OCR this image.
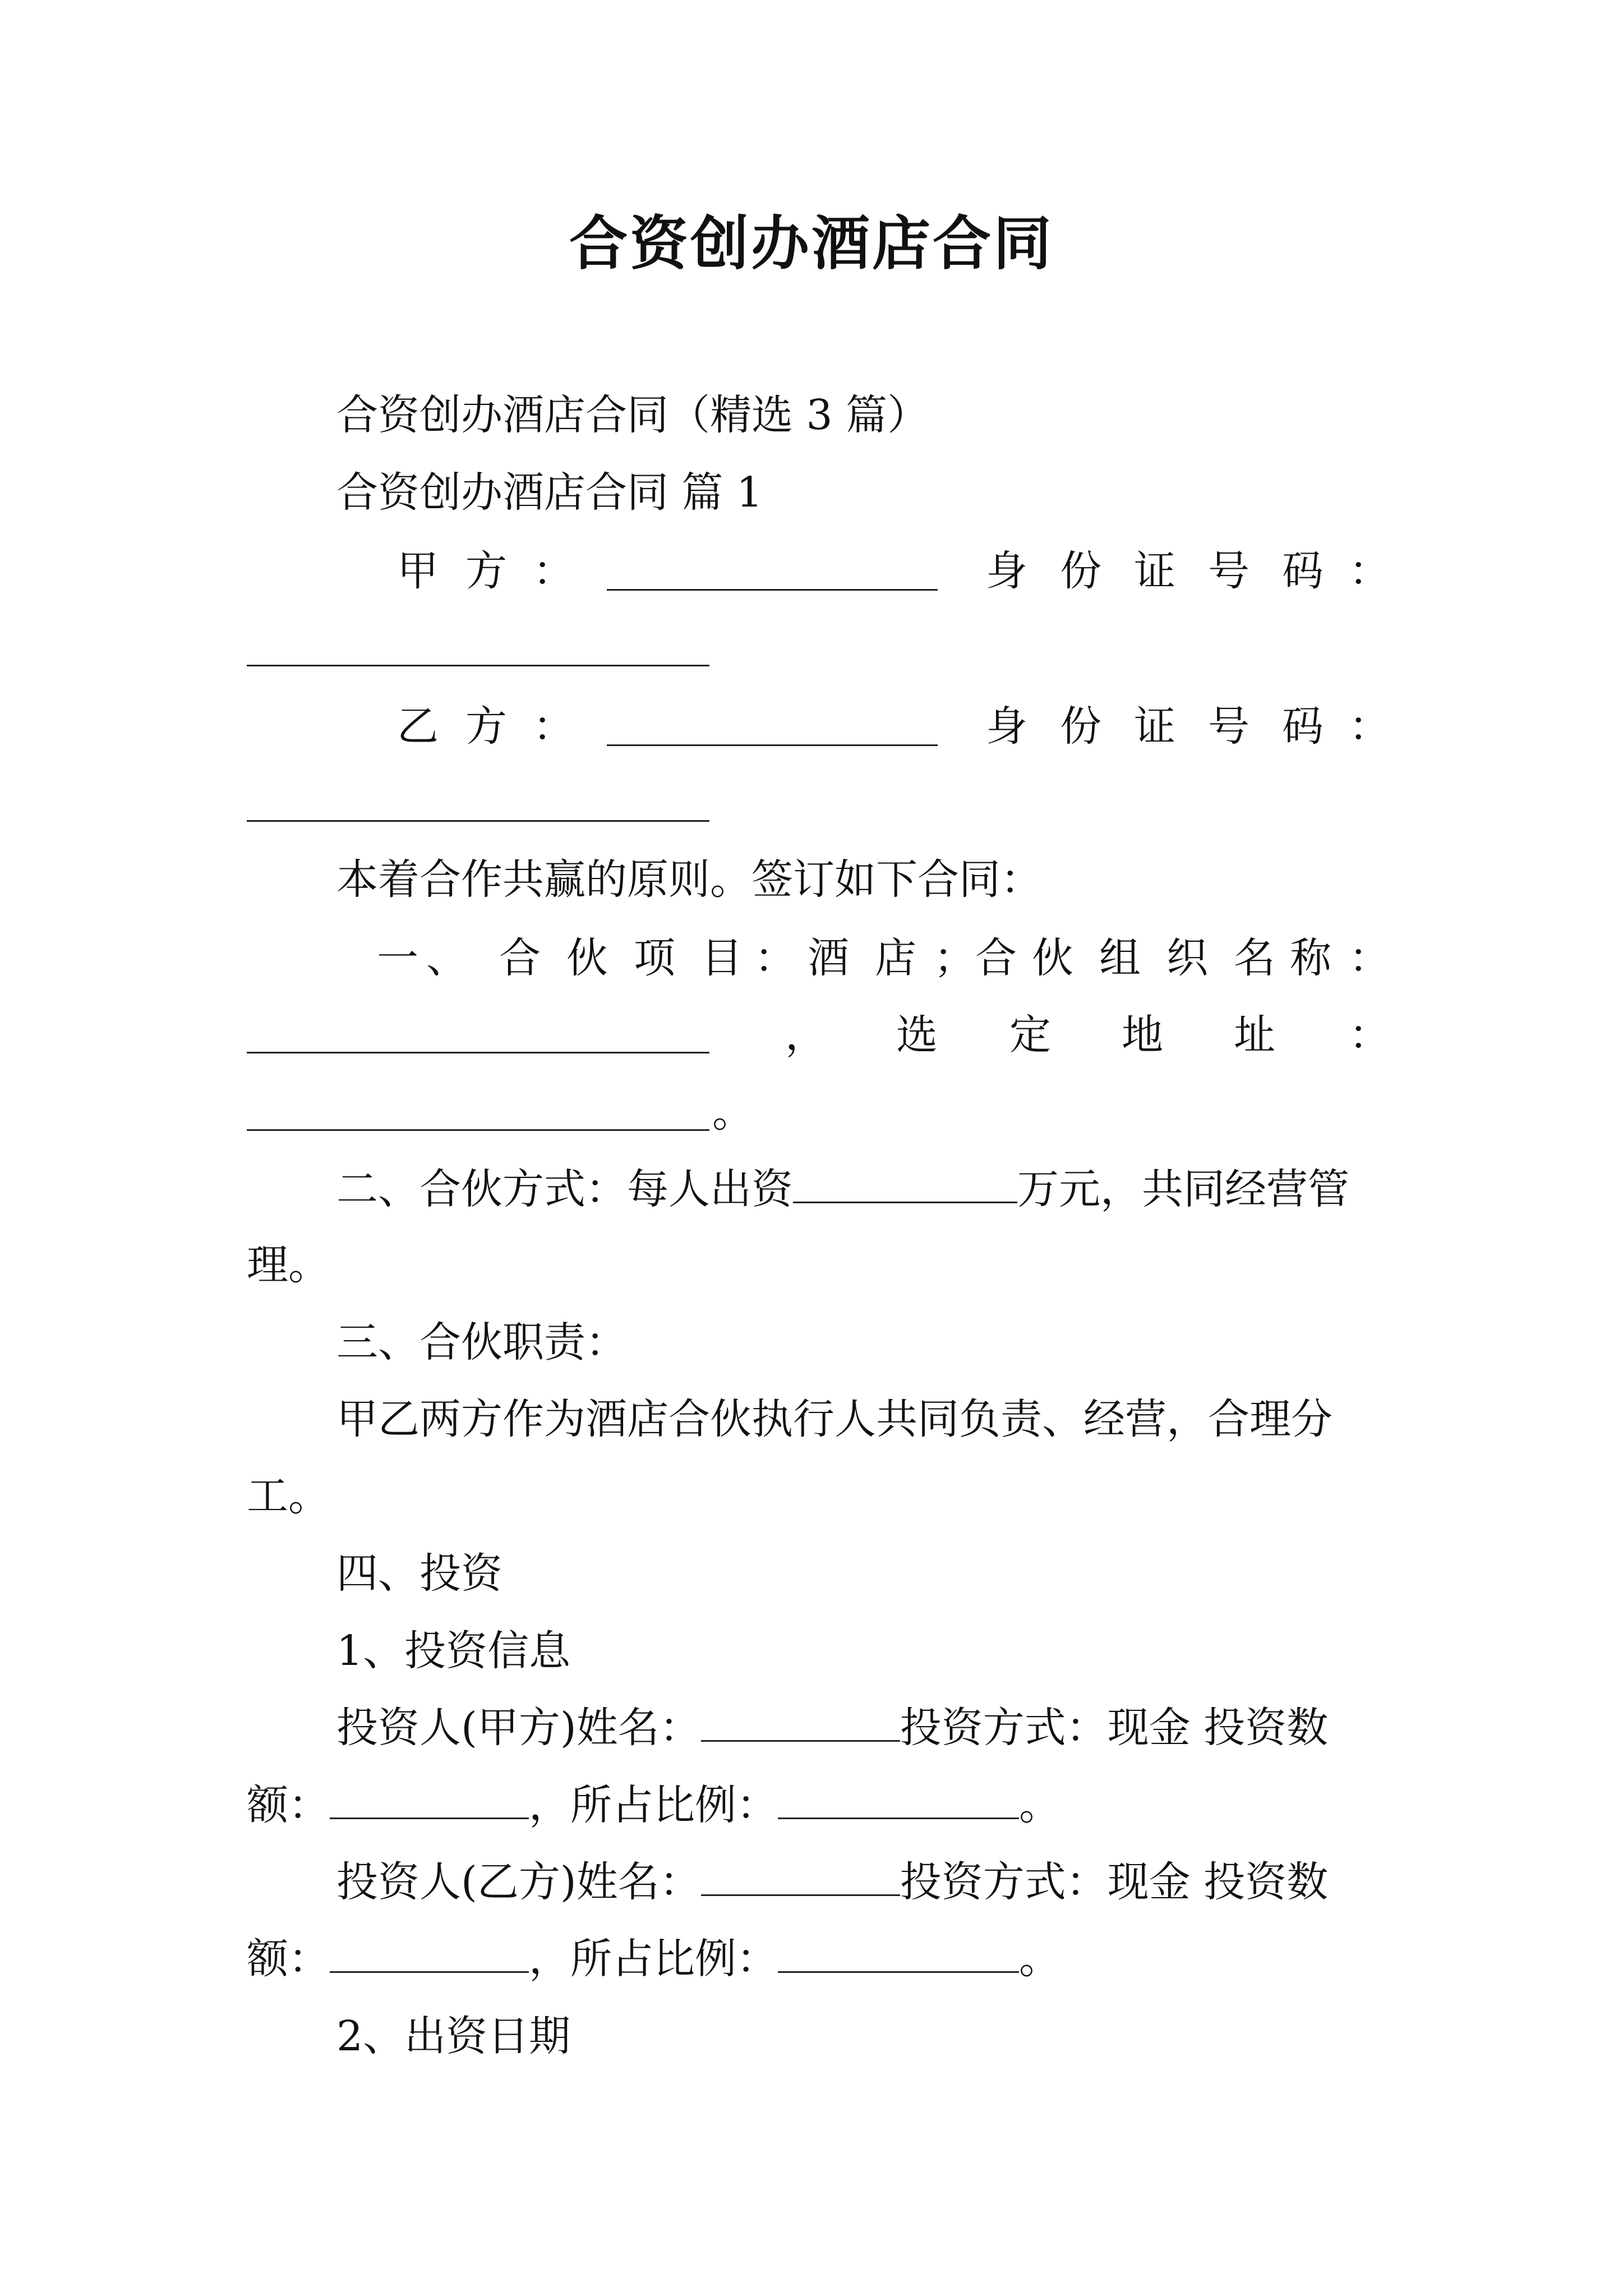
合资创办酒店合同
合资创办酒店合同（精选 3 篇）
合资创办酒店合同 篇 1
甲 方 ：	身 份 证 号 码 ：
乙 方 ：	身 份 证 号 码 ：
本着合作共赢的原则。签订如下合同：
一 、 合 伙 项 目 ： 酒 店 ；合 伙 组 织 名 称 ：
， 选 定 地 址 ：
。
二、合伙方式：每人出资	万元，共同经营管
理。
三、合伙职责：
甲乙两方作为酒店合伙执行人共同负责、经营，合理分
工。
四、投资
1、投资信息
投资人(甲方)姓名：	投资方式：现金 投资数
额：	，所占比例：	。
投资人(乙方)姓名：	投资方式：现金 投资数
额：	，所占比例：	。
2、出资日期
